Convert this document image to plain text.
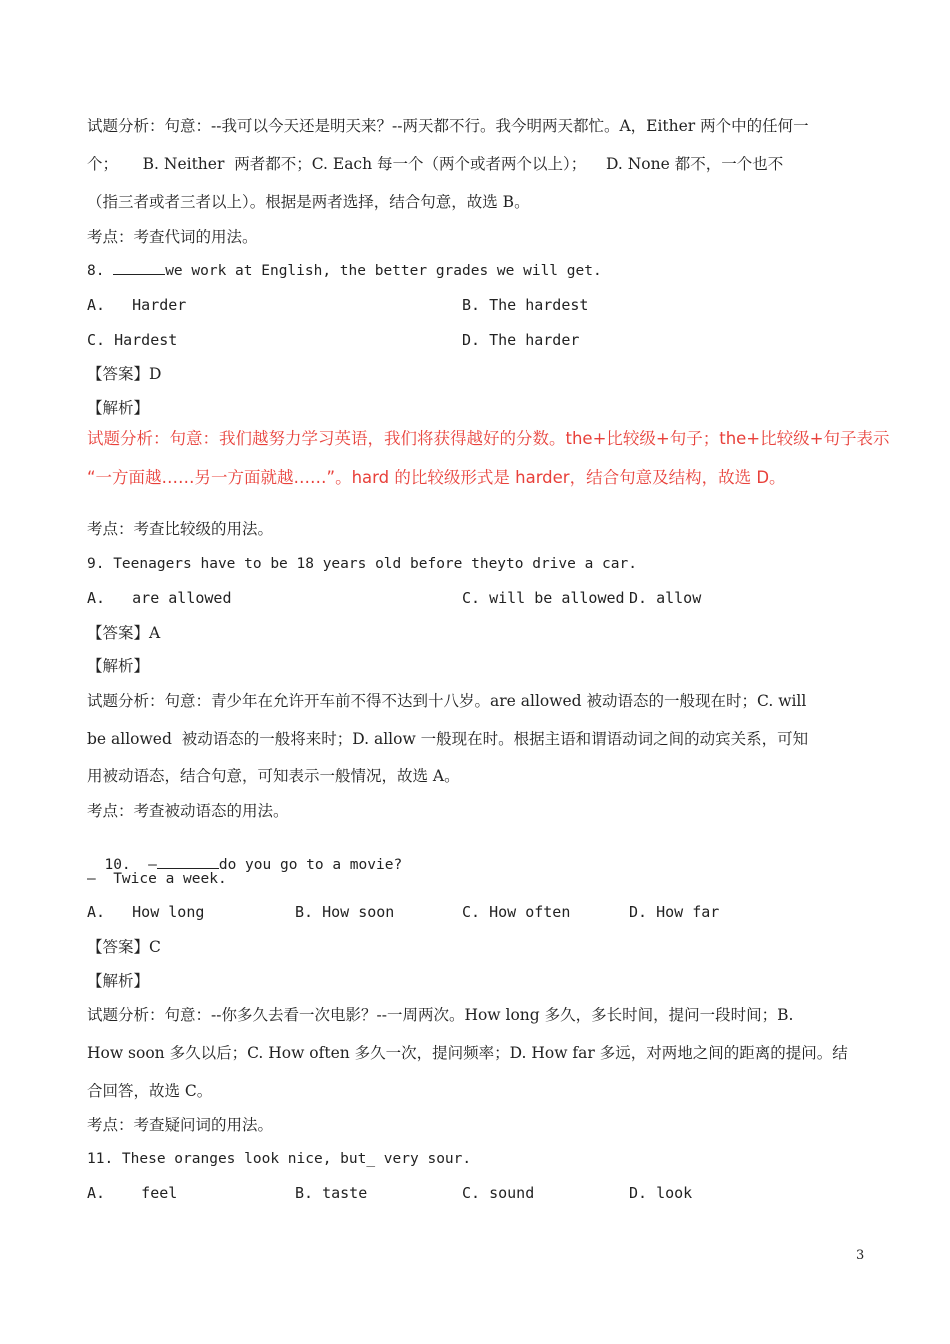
试题分析：句意：--我可以今天还是明天来？--两天都不行。我今明两天都忙。A，Either 两个中的任何一
个；     B. Neither  两者都不；C. Each 每一个（两个或者两个以上）；    D. None 都不，一个也不
（指三者或者三者以上）。根据是两者选择，结合句意，故选 B。
考点：考查代词的用法。
8.	we work at English, the better grades we will get.
A.   Harder	B. The hardest
C. Hardest	D. The harder
【答案】D
【解析】
试题分析：句意：我们越努力学习英语，我们将获得越好的分数。the+比较级+句子；the+比较级+句子表示
“一方面越……另一方面就越……”。hard 的比较级形式是 harder，结合句意及结构，故选 D。
考点：考查比较级的用法。
9. Teenagers have to be 18 years old before theyto drive a car.
A.   are allowed	C. will be allowed D. allow
【答案】A
【解析】
试题分析：句意：青少年在允许开车前不得不达到十八岁。are allowed 被动语态的一般现在时；C. will
be allowed  被动语态的一般将来时；D. allow 一般现在时。根据主语和谓语动词之间的动宾关系，可知
用被动语态，结合句意，可知表示一般情况，故选 A。
考点：考查被动语态的用法。

10.  —	do you go to a movie?

—  Twice a week.
A.   How long	B. How soon	C. How often	D. How far
【答案】C
【解析】
试题分析：句意：--你多久去看一次电影？--一周两次。How long 多久，多长时间，提问一段时间；B.
How soon 多久以后；C. How often 多久一次，提问频率；D. How far 多远，对两地之间的距离的提问。结
合回答，故选 C。
考点：考查疑问词的用法。
11. These oranges look nice, but_ very sour.
A.    feel	B. taste	C. sound	D. look
3
